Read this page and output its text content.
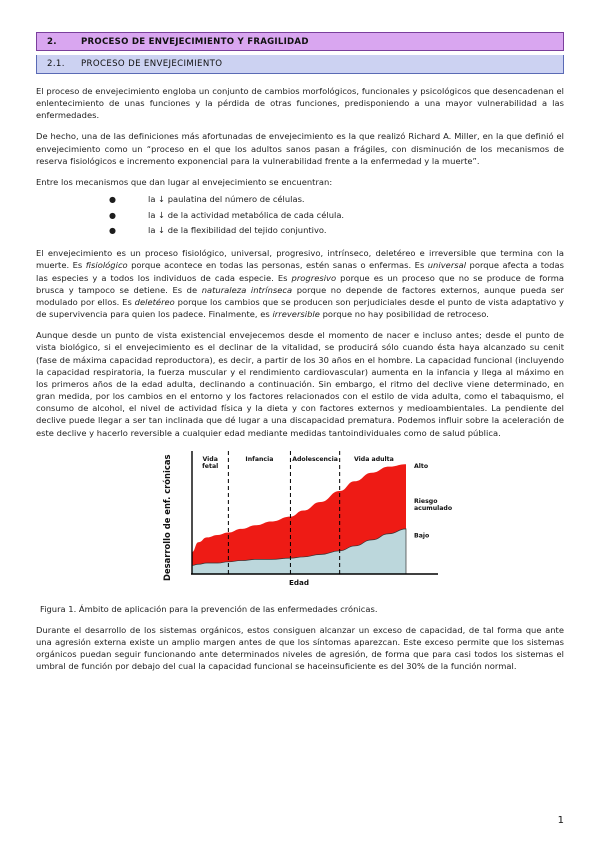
2.	PROCESO DE ENVEJECIMIENTO Y FRAGILIDAD
2.1.	PROCESO DE ENVEJECIMIENTO

El proceso de envejecimiento engloba un conjunto de cambios morfológicos, funcionales y psicológicos que desencadenan el enlentecimiento de unas funciones y la pérdida de otras funciones, predisponiendo a una mayor vulnerabilidad a las enfermedades.

De hecho, una de las definiciones más afortunadas de envejecimiento es la que realizó Richard A. Miller, en la que definió el envejecimiento como un “proceso en el que los adultos sanos pasan a frágiles, con disminución de los mecanismos de reserva fisiológicos e incremento exponencial para la vulnerabilidad frente a la enfermedad y la muerte”.

Entre los mecanismos que dan lugar al envejecimiento se encuentran:

●	la ↓ paulatina del número de células.
●	la ↓ de la actividad metabólica de cada célula.
●	la ↓ de la flexibilidad del tejido conjuntivo.

El envejecimiento es un proceso fisiológico, universal, progresivo, intrínseco, deletéreo e irreversible que termina con la muerte. Es fisiológico porque acontece en todas las personas, estén sanas o enfermas. Es universal porque afecta a todas las especies y a todos los individuos de cada especie. Es progresivo porque es un proceso que no se produce de forma brusca y tampoco se detiene. Es de naturaleza intrínseca porque no depende de factores externos, aunque pueda ser modulado por ellos. Es deletéreo porque los cambios que se producen son perjudiciales desde el punto de vista adaptativo y de supervivencia para quien los padece. Finalmente, es irreversible porque no hay posibilidad de retroceso.

Aunque desde un punto de vista existencial envejecemos desde el momento de nacer e incluso antes; desde el punto de vista biológico, si el envejecimiento es el declinar de la vitalidad, se producirá sólo cuando ésta haya alcanzado su cenit (fase de máxima capacidad reproductora), es decir, a partir de los 30 años en el hombre. La capacidad funcional (incluyendo la capacidad respiratoria, la fuerza muscular y el rendimiento cardiovascular) aumenta en la infancia y llega al máximo en los primeros años de la edad adulta, declinando a continuación. Sin embargo, el ritmo del declive viene determinado, en gran medida, por los cambios en el entorno y los factores relacionados con el estilo de vida adulta, como el tabaquismo, el consumo de alcohol, el nivel de actividad física y la dieta y con factores externos y medioambientales. La pendiente del declive puede llegar a ser tan inclinada que dé lugar a una discapacidad prematura. Podemos influir sobre la aceleración de este declive y hacerlo reversible a cualquier edad mediante medidas tantoindividuales como de salud pública.

Desarrollo de enf. crónicas	Vida
fetal
Infancia	Adolescencia	Vida adulta
Alto
Riesgo
acumulado
Bajo
Edad
Figura 1. Ámbito de aplicación para la prevención de las enfermedades crónicas.

Durante el desarrollo de los sistemas orgánicos, estos consiguen alcanzar un exceso de capacidad, de tal forma que ante una agresión externa existe un amplio margen antes de que los síntomas aparezcan. Este exceso permite que los sistemas orgánicos puedan seguir funcionando ante determinados niveles de agresión, de forma que para casi todos los sistemas el umbral de función por debajo del cual la capacidad funcional se haceinsuficiente es del 30% de la función normal.

1
